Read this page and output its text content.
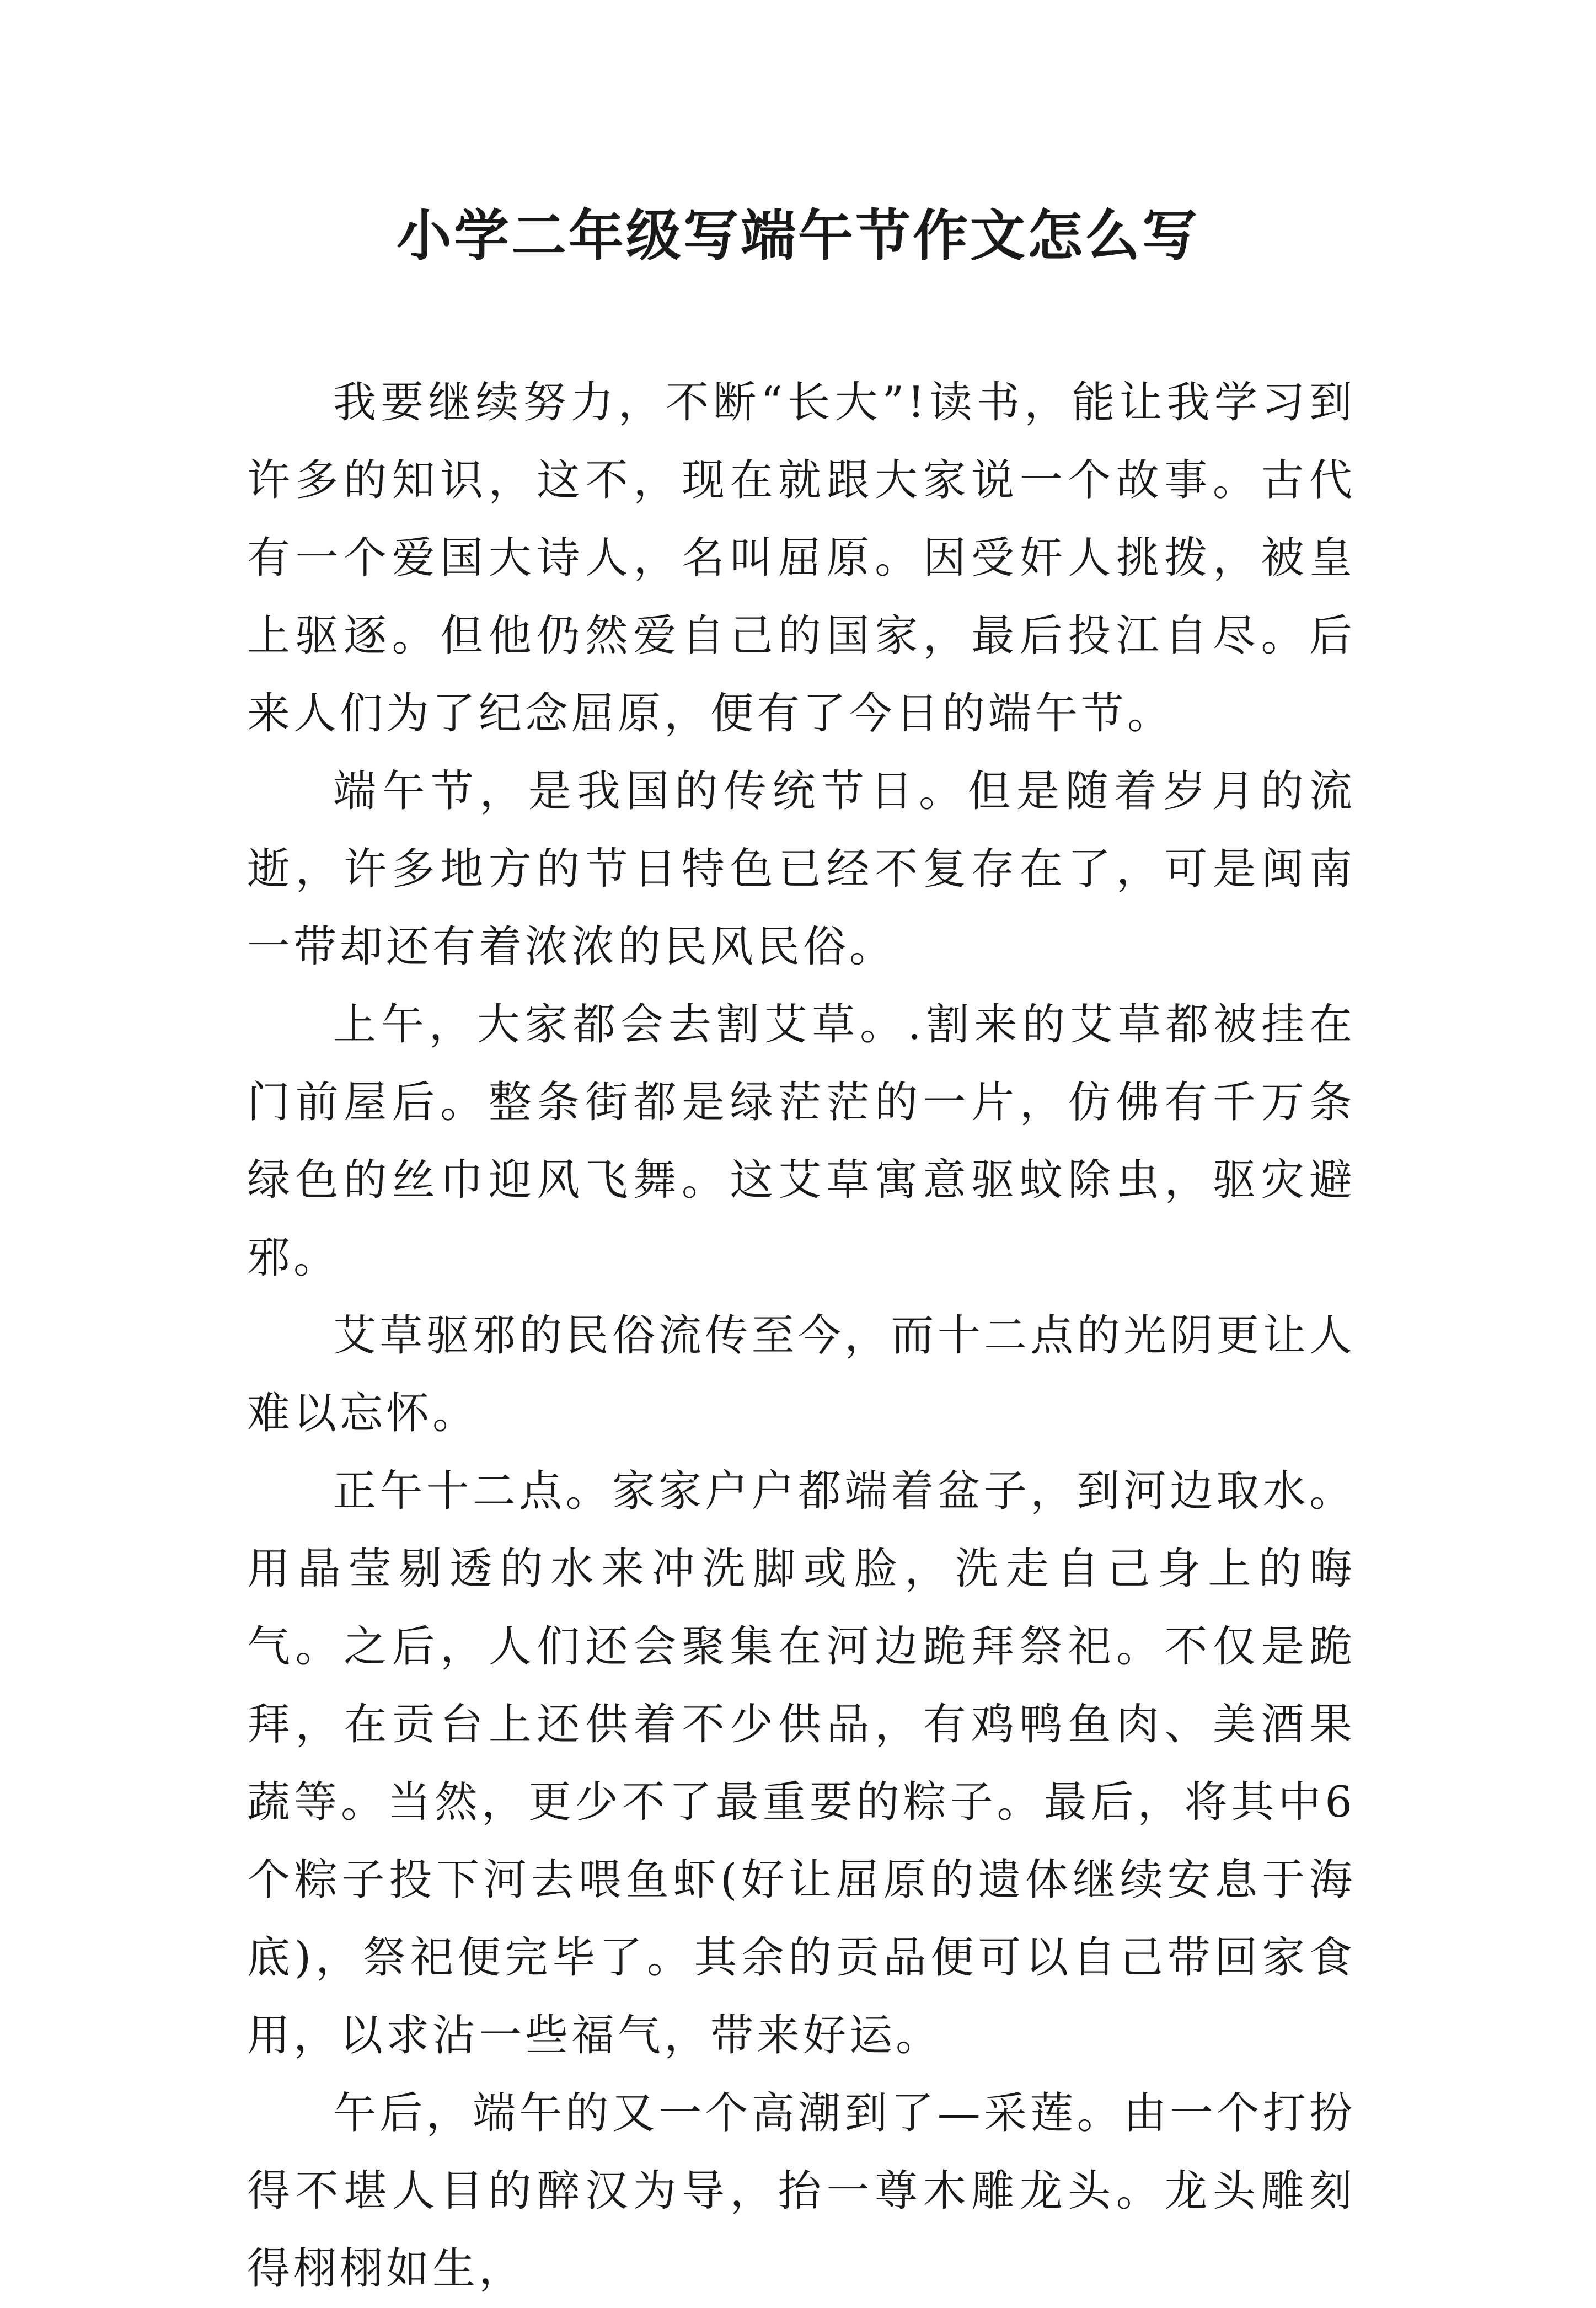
小学二年级写端午节作文怎么写

我要继续努力，不断“长大”!读书，能让我学习到许多的知识，这不，现在就跟大家说一个故事。古代有一个爱国大诗人，名叫屈原。因受奸人挑拨，被皇上驱逐。但他仍然爱自己的国家，最后投江自尽。后来人们为了纪念屈原，便有了今日的端午节。

端午节，是我国的传统节日。但是随着岁月的流逝，许多地方的节日特色已经不复存在了，可是闽南一带却还有着浓浓的民风民俗。

上午，大家都会去割艾草。.割来的艾草都被挂在门前屋后。整条街都是绿茫茫的一片，仿佛有千万条绿色的丝巾迎风飞舞。这艾草寓意驱蚊除虫，驱灾避邪。

艾草驱邪的民俗流传至今，而十二点的光阴更让人难以忘怀。

正午十二点。家家户户都端着盆子，到河边取水。用晶莹剔透的水来冲洗脚或脸，洗走自己身上的晦气。之后，人们还会聚集在河边跪拜祭祀。不仅是跪拜，在贡台上还供着不少供品，有鸡鸭鱼肉、美酒果蔬等。当然，更少不了最重要的粽子。最后，将其中6个粽子投下河去喂鱼虾(好让屈原的遗体继续安息于海底)，祭祀便完毕了。其余的贡品便可以自己带回家食用，以求沾一些福气，带来好运。

午后，端午的又一个高潮到了—采莲。由一个打扮得不堪人目的醉汉为导，抬一尊木雕龙头。龙头雕刻得栩栩如生，
